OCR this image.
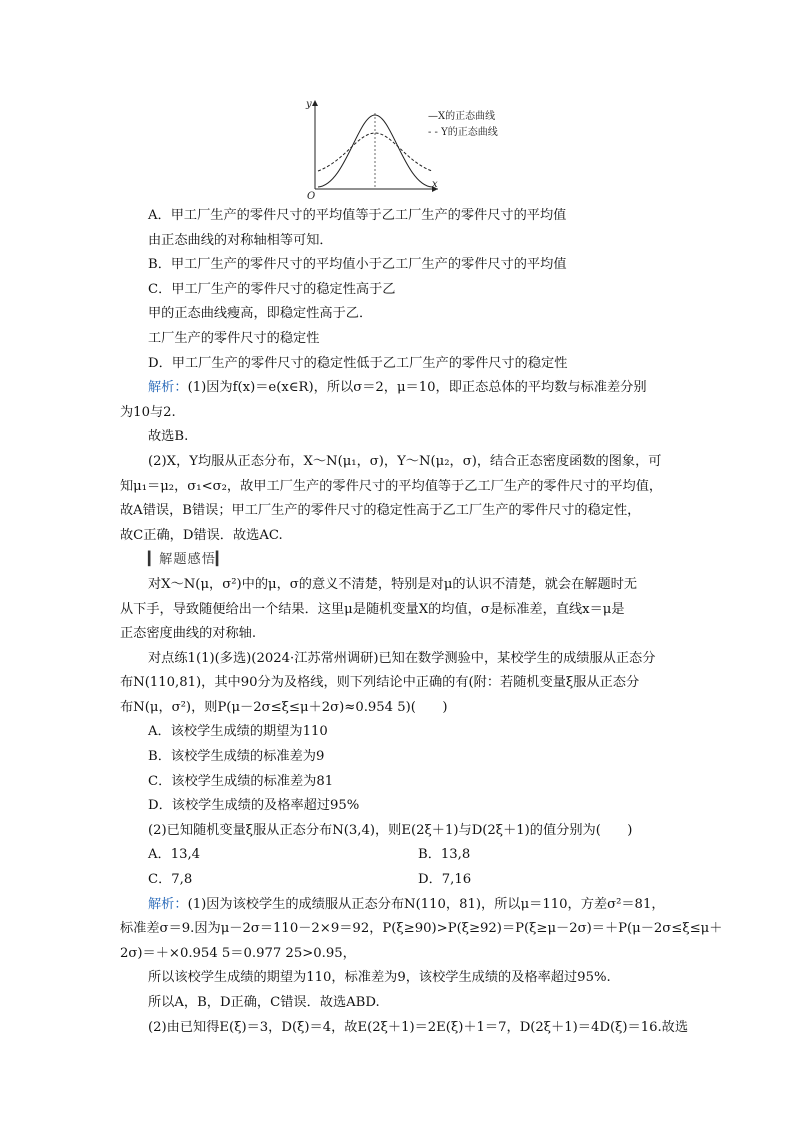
y
x
O
—X的正态曲线
- - Y的正态曲线
A．甲工厂生产的零件尺寸的平均值等于乙工厂生产的零件尺寸的平均值
由正态曲线的对称轴相等可知．
B．甲工厂生产的零件尺寸的平均值小于乙工厂生产的零件尺寸的平均值
C．甲工厂生产的零件尺寸的稳定性高于乙
甲的正态曲线瘦高，即稳定性高于乙．
工厂生产的零件尺寸的稳定性
D．甲工厂生产的零件尺寸的稳定性低于乙工厂生产的零件尺寸的稳定性
解析：(1)因为f(x)＝e(x∈R)，所以σ＝2，μ＝10，即正态总体的平均数与标准差分别
为10与2.
故选B.
(2)X，Y均服从正态分布，X～N(μ₁，σ)，Y～N(μ₂，σ)，结合正态密度函数的图象，可
知μ₁＝μ₂，σ₁<σ₂，故甲工厂生产的零件尺寸的平均值等于乙工厂生产的零件尺寸的平均值，
故A错误，B错误；甲工厂生产的零件尺寸的稳定性高于乙工厂生产的零件尺寸的稳定性，
故C正确，D错误．故选AC.
▎解题感悟▎
对X～N(μ，σ²)中的μ，σ的意义不清楚，特别是对μ的认识不清楚，就会在解题时无
从下手，导致随便给出一个结果．这里μ是随机变量X的均值，σ是标准差，直线x＝μ是
正态密度曲线的对称轴.
对点练1(1)(多选)(2024·江苏常州调研)已知在数学测验中，某校学生的成绩服从正态分
布N(110,81)，其中90分为及格线，则下列结论中正确的有(附：若随机变量ξ服从正态分
布N(μ，σ²)，则P(μ－2σ≤ξ≤μ＋2σ)≈0.954 5)(　　)
A．该校学生成绩的期望为110
B．该校学生成绩的标准差为9
C．该校学生成绩的标准差为81
D．该校学生成绩的及格率超过95%
(2)已知随机变量ξ服从正态分布N(3,4)，则E(2ξ＋1)与D(2ξ＋1)的值分别为(　　)
A．13,4	B．13,8
C．7,8	D．7,16
解析：(1)因为该校学生的成绩服从正态分布N(110，81)，所以μ＝110，方差σ²＝81，
标准差σ＝9.因为μ－2σ＝110－2×9＝92，P(ξ≥90)>P(ξ≥92)＝P(ξ≥μ－2σ)＝＋P(μ－2σ≤ξ≤μ＋
2σ)＝＋×0.954 5＝0.977 25>0.95，
所以该校学生成绩的期望为110，标准差为9，该校学生成绩的及格率超过95%.
所以A，B，D正确，C错误．故选ABD.
(2)由已知得E(ξ)＝3，D(ξ)＝4，故E(2ξ＋1)＝2E(ξ)＋1＝7，D(2ξ＋1)＝4D(ξ)＝16.故选
